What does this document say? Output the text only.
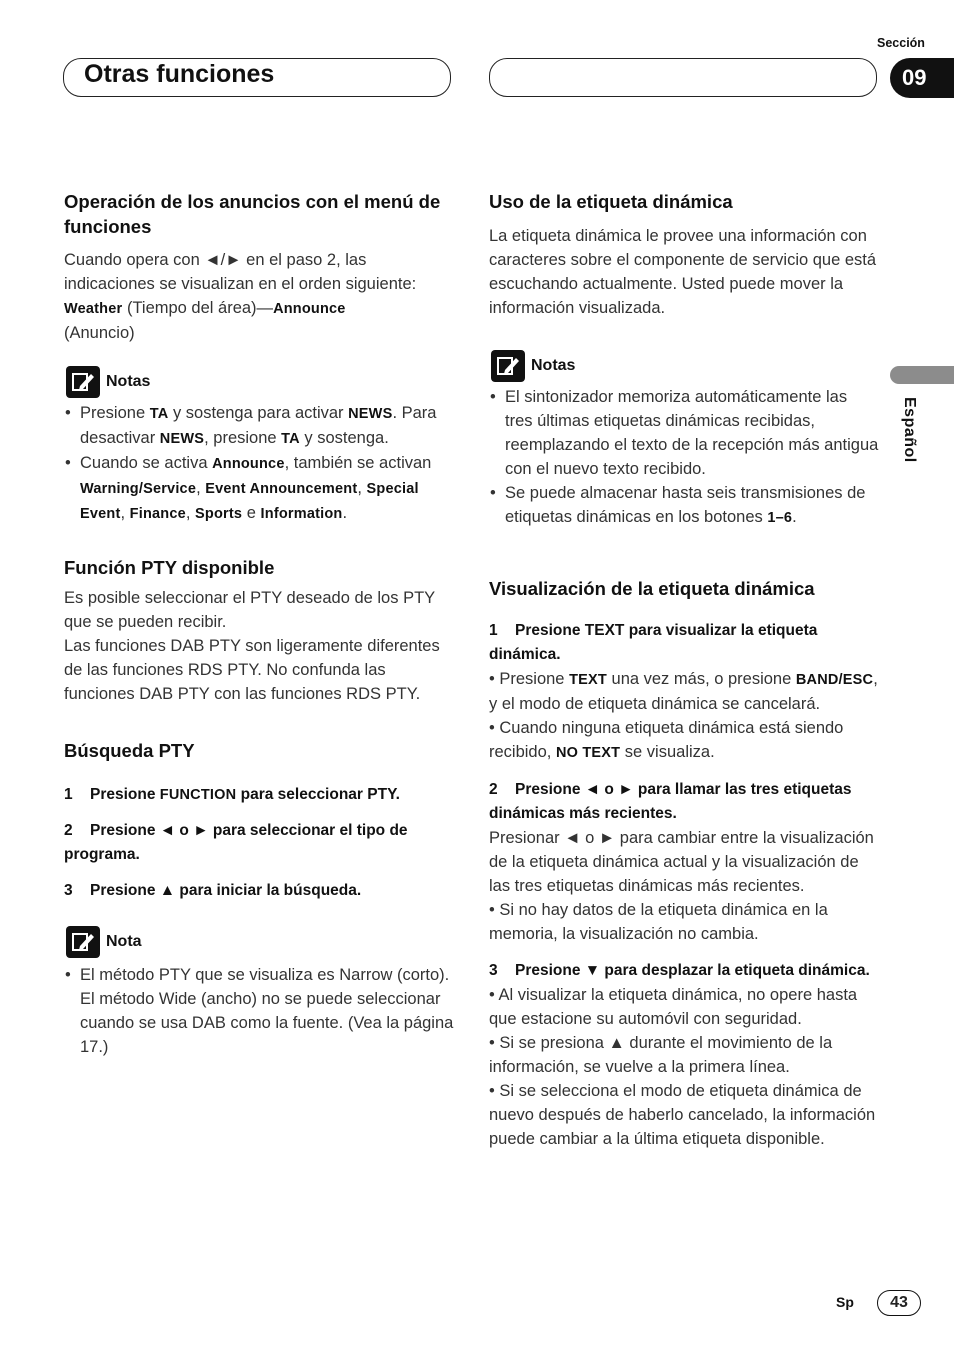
Otras funciones
Sección
09
Español
Operación de los anuncios con el menú de funciones

Cuando opera con ◄/► en el paso 2, las indicaciones se visualizan en el orden siguiente:
Weather (Tiempo del área)—Announce
(Anuncio)

Notas
• Presione TA y sostenga para activar NEWS. Para desactivar NEWS, presione TA y sostenga.
• Cuando se activa Announce, también se activan Warning/Service, Event Announcement, Special Event, Finance, Sports e Information.
Función PTY disponible

Es posible seleccionar el PTY deseado de los PTY que se pueden recibir.

Las funciones DAB PTY son ligeramente diferentes de las funciones RDS PTY. No confunda las funciones DAB PTY con las funciones RDS PTY.

Búsqueda PTY

1 Presione FUNCTION para seleccionar PTY.

2 Presione ◄ o ► para seleccionar el tipo de programa.

3 Presione ▲ para iniciar la búsqueda.

Nota
• El método PTY que se visualiza es Narrow (corto). El método Wide (ancho) no se puede seleccionar cuando se usa DAB como la fuente. (Vea la página 17.)
Uso de la etiqueta dinámica

La etiqueta dinámica le provee una información con caracteres sobre el componente de servicio que está escuchando actualmente. Usted puede mover la información visualizada.

Notas
• El sintonizador memoriza automáticamente las tres últimas etiquetas dinámicas recibidas, reemplazando el texto de la recepción más antigua con el nuevo texto recibido.
• Se puede almacenar hasta seis transmisiones de etiquetas dinámicas en los botones 1–6.
Visualización de la etiqueta dinámica

1 Presione TEXT para visualizar la etiqueta dinámica.

• Presione TEXT una vez más, o presione BAND/ESC, y el modo de etiqueta dinámica se cancelará.

• Cuando ninguna etiqueta dinámica está siendo recibido, NO TEXT se visualiza.

2 Presione ◄ o ► para llamar las tres etiquetas dinámicas más recientes.

Presionar ◄ o ► para cambiar entre la visualización de la etiqueta dinámica actual y la visualización de las tres etiquetas dinámicas más recientes.

• Si no hay datos de la etiqueta dinámica en la memoria, la visualización no cambia.

3 Presione ▼ para desplazar la etiqueta dinámica.

• Al visualizar la etiqueta dinámica, no opere hasta que estacione su automóvil con seguridad.

• Si se presiona ▲ durante el movimiento de la información, se vuelve a la primera línea.

• Si se selecciona el modo de etiqueta dinámica de nuevo después de haberlo cancelado, la información puede cambiar a la última etiqueta disponible.

Sp 43
